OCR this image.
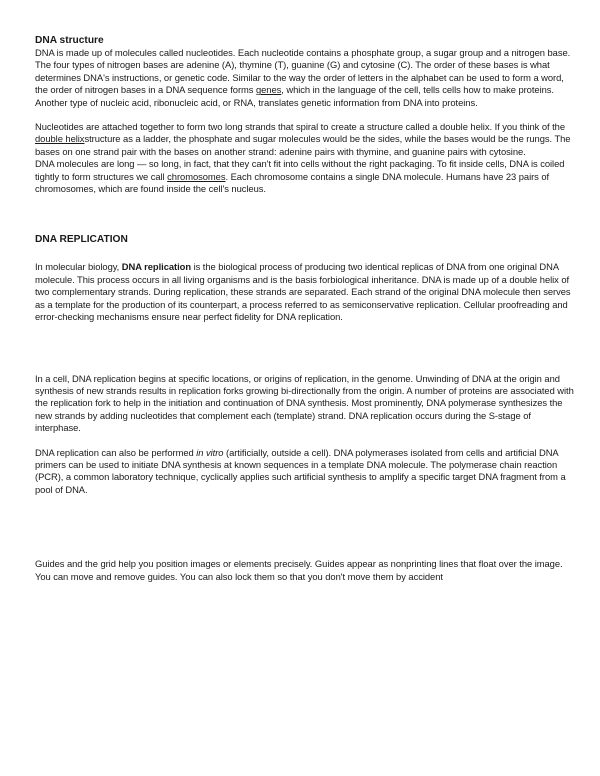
DNA structure

DNA is made up of molecules called nucleotides. Each nucleotide contains a phosphate group, a sugar group and a nitrogen base. The four types of nitrogen bases are adenine (A), thymine (T), guanine (G) and cytosine (C). The order of these bases is what determines DNA's instructions, or genetic code. Similar to the way the order of letters in the alphabet can be used to form a word, the order of nitrogen bases in a DNA sequence forms genes, which in the language of the cell, tells cells how to make proteins. Another type of nucleic acid, ribonucleic acid, or RNA, translates genetic information from DNA into proteins.

Nucleotides are attached together to form two long strands that spiral to create a structure called a double helix. If you think of the double helixstructure as a ladder, the phosphate and sugar molecules would be the sides, while the bases would be the rungs. The bases on one strand pair with the bases on another strand: adenine pairs with thymine, and guanine pairs with cytosine.

DNA molecules are long — so long, in fact, that they can't fit into cells without the right packaging. To fit inside cells, DNA is coiled tightly to form structures we call chromosomes. Each chromosome contains a single DNA molecule. Humans have 23 pairs of chromosomes, which are found inside the cell's nucleus.

DNA REPLICATION

In molecular biology, DNA replication is the biological process of producing two identical replicas of DNA from one original DNA molecule. This process occurs in all living organisms and is the basis forbiological inheritance. DNA is made up of a double helix of two complementary strands. During replication, these strands are separated. Each strand of the original DNA molecule then serves as a template for the production of its counterpart, a process referred to as semiconservative replication. Cellular proofreading and error-checking mechanisms ensure near perfect fidelity for DNA replication.

In a cell, DNA replication begins at specific locations, or origins of replication, in the genome. Unwinding of DNA at the origin and synthesis of new strands results in replication forks growing bi-directionally from the origin. A number of proteins are associated with the replication fork to help in the initiation and continuation of DNA synthesis. Most prominently, DNA polymerase synthesizes the new strands by adding nucleotides that complement each (template) strand. DNA replication occurs during the S-stage of interphase.

DNA replication can also be performed in vitro (artificially, outside a cell). DNA polymerases isolated from cells and artificial DNA primers can be used to initiate DNA synthesis at known sequences in a template DNA molecule. The polymerase chain reaction (PCR), a common laboratory technique, cyclically applies such artificial synthesis to amplify a specific target DNA fragment from a pool of DNA.

Guides and the grid help you position images or elements precisely. Guides appear as nonprinting lines that float over the image. You can move and remove guides. You can also lock them so that you don't move them by accident
